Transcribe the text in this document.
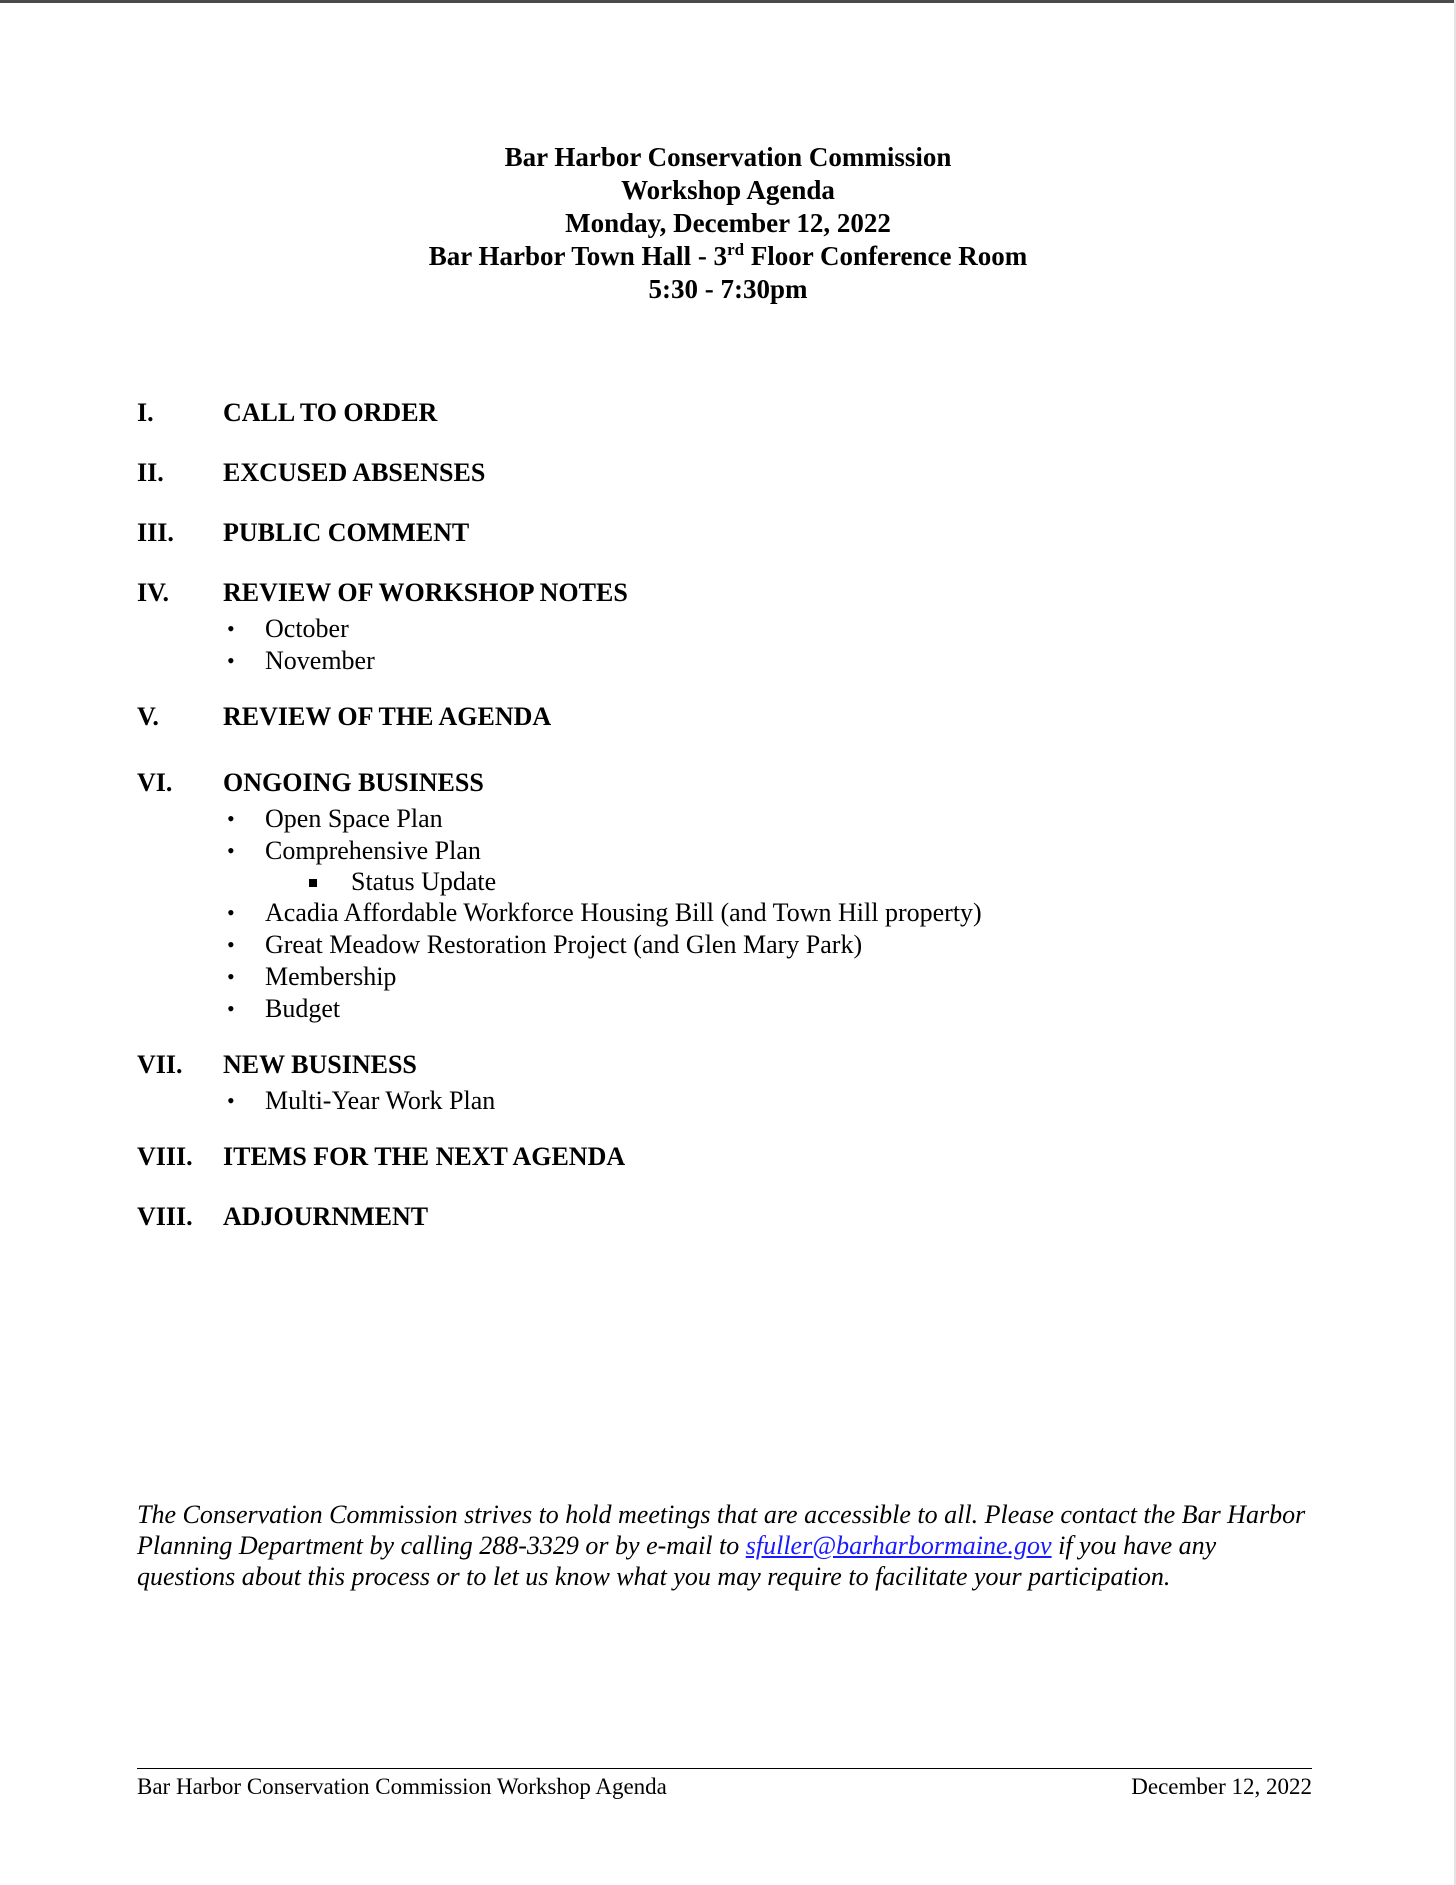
Bar Harbor Conservation Commission
Workshop Agenda
Monday, December 12, 2022
Bar Harbor Town Hall - 3rd Floor Conference Room
5:30 - 7:30pm
I.	CALL TO ORDER
II.	EXCUSED ABSENSES
III.	PUBLIC COMMENT
IV.	REVIEW OF WORKSHOP NOTES
•	October
•	November
V.	REVIEW OF THE AGENDA
VI.	ONGOING BUSINESS
•	Open Space Plan
•	Comprehensive Plan
Status Update
•	Acadia Affordable Workforce Housing Bill (and Town Hill property)
•	Great Meadow Restoration Project (and Glen Mary Park)
•	Membership
•	Budget
VII.	NEW BUSINESS
•	Multi-Year Work Plan
VIII.	ITEMS FOR THE NEXT AGENDA
VIII.	ADJOURNMENT
The Conservation Commission strives to hold meetings that are accessible to all. Please contact the Bar Harbor Planning Department by calling 288-3329 or by e-mail to sfuller@barharbormaine.gov if you have any questions about this process or to let us know what you may require to facilitate your participation.
Bar Harbor Conservation Commission Workshop Agenda	December 12, 2022
